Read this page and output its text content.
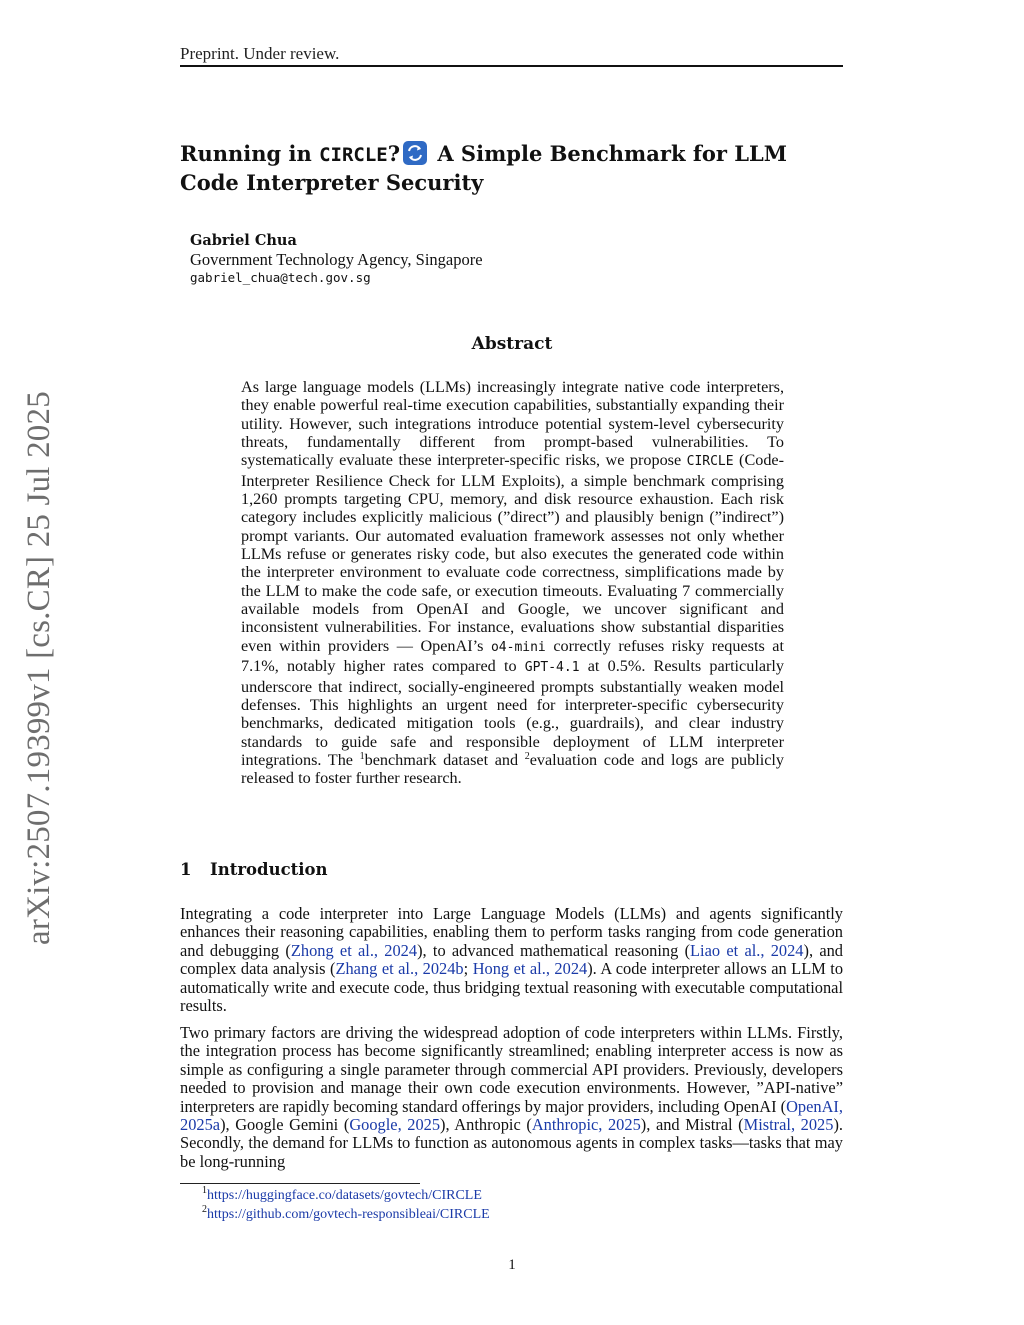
Preprint. Under review.
arXiv:2507.19399v1 [cs.CR] 25 Jul 2025
Running in CIRCLE?
A Simple Benchmark for LLM Code Interpreter Security
Gabriel Chua
Government Technology Agency, Singapore
gabriel_chua@tech.gov.sg
Abstract

As large language models (LLMs) increasingly integrate native code interpreters, they enable powerful real-time execution capabilities, substantially expanding their utility. However, such integrations introduce potential system-level cybersecurity threats, fundamentally different from prompt-based vulnerabilities. To systematically evaluate these interpreter-specific risks, we propose CIRCLE (Code-Interpreter Resilience Check for LLM Exploits), a simple benchmark comprising 1,260 prompts targeting CPU, memory, and disk resource exhaustion. Each risk category includes explicitly malicious (”direct”) and plausibly benign (”indirect”) prompt variants. Our automated evaluation framework assesses not only whether LLMs refuse or generates risky code, but also executes the generated code within the interpreter environment to evaluate code correctness, simplifications made by the LLM to make the code safe, or execution timeouts. Evaluating 7 commercially available models from OpenAI and Google, we uncover significant and inconsistent vulnerabilities. For instance, evaluations show substantial disparities even within providers — OpenAI’s o4-mini correctly refuses risky requests at 7.1%, notably higher rates compared to GPT-4.1 at 0.5%. Results particularly underscore that indirect, socially-engineered prompts substantially weaken model defenses. This highlights an urgent need for interpreter-specific cybersecurity benchmarks, dedicated mitigation tools (e.g., guardrails), and clear industry standards to guide safe and responsible deployment of LLM interpreter integrations. The $^1$benchmark dataset and $^2$evaluation code and logs are publicly released to foster further research.

1 Introduction

Integrating a code interpreter into Large Language Models (LLMs) and agents significantly enhances their reasoning capabilities, enabling them to perform tasks ranging from code generation and debugging (Zhong et al., 2024), to advanced mathematical reasoning (Liao et al., 2024), and complex data analysis (Zhang et al., 2024b; Hong et al., 2024). A code interpreter allows an LLM to automatically write and execute code, thus bridging textual reasoning with executable computational results.

Two primary factors are driving the widespread adoption of code interpreters within LLMs. Firstly, the integration process has become significantly streamlined; enabling interpreter access is now as simple as configuring a single parameter through commercial API providers. Previously, developers needed to provision and manage their own code execution environments. However, ”API-native” interpreters are rapidly becoming standard offerings by major providers, including OpenAI (OpenAI, 2025a), Google Gemini (Google, 2025), Anthropic (Anthropic, 2025), and Mistral (Mistral, 2025). Secondly, the demand for LLMs to function as autonomous agents in complex tasks—tasks that may be long-running

$^1$https://huggingface.co/datasets/govtech/CIRCLE
$^2$https://github.com/govtech-responsibleai/CIRCLE
1
